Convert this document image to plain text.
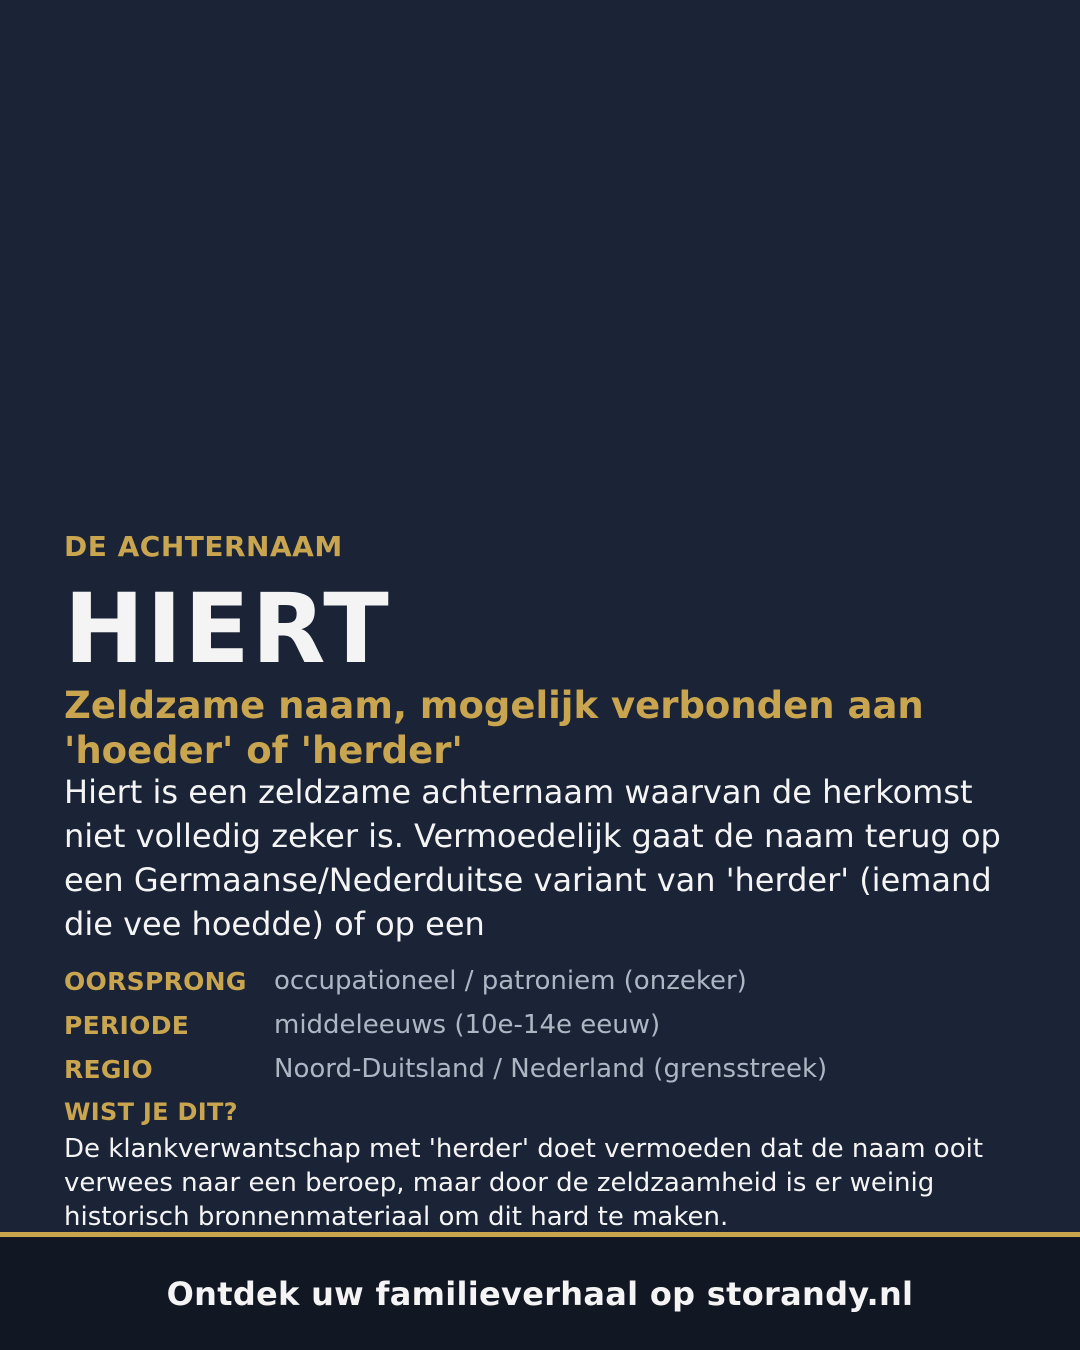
DE ACHTERNAAM
HIERT
Zeldzame naam, mogelijk verbonden aan 'hoeder' of 'herder'
Hiert is een zeldzame achternaam waarvan de herkomst niet volledig zeker is. Vermoedelijk gaat de naam terug op een Germaanse/Nederduitse variant van 'herder' (iemand die vee hoedde) of op een
OORSPRONG	occupationeel / patroniem (onzeker)
PERIODE	middeleeuws (10e-14e eeuw)
REGIO	Noord-Duitsland / Nederland (grensstreek)
WIST JE DIT?
De klankverwantschap met 'herder' doet vermoeden dat de naam ooit verwees naar een beroep, maar door de zeldzaamheid is er weinig historisch bronnenmateriaal om dit hard te maken.
Ontdek uw familieverhaal op storandy.nl
